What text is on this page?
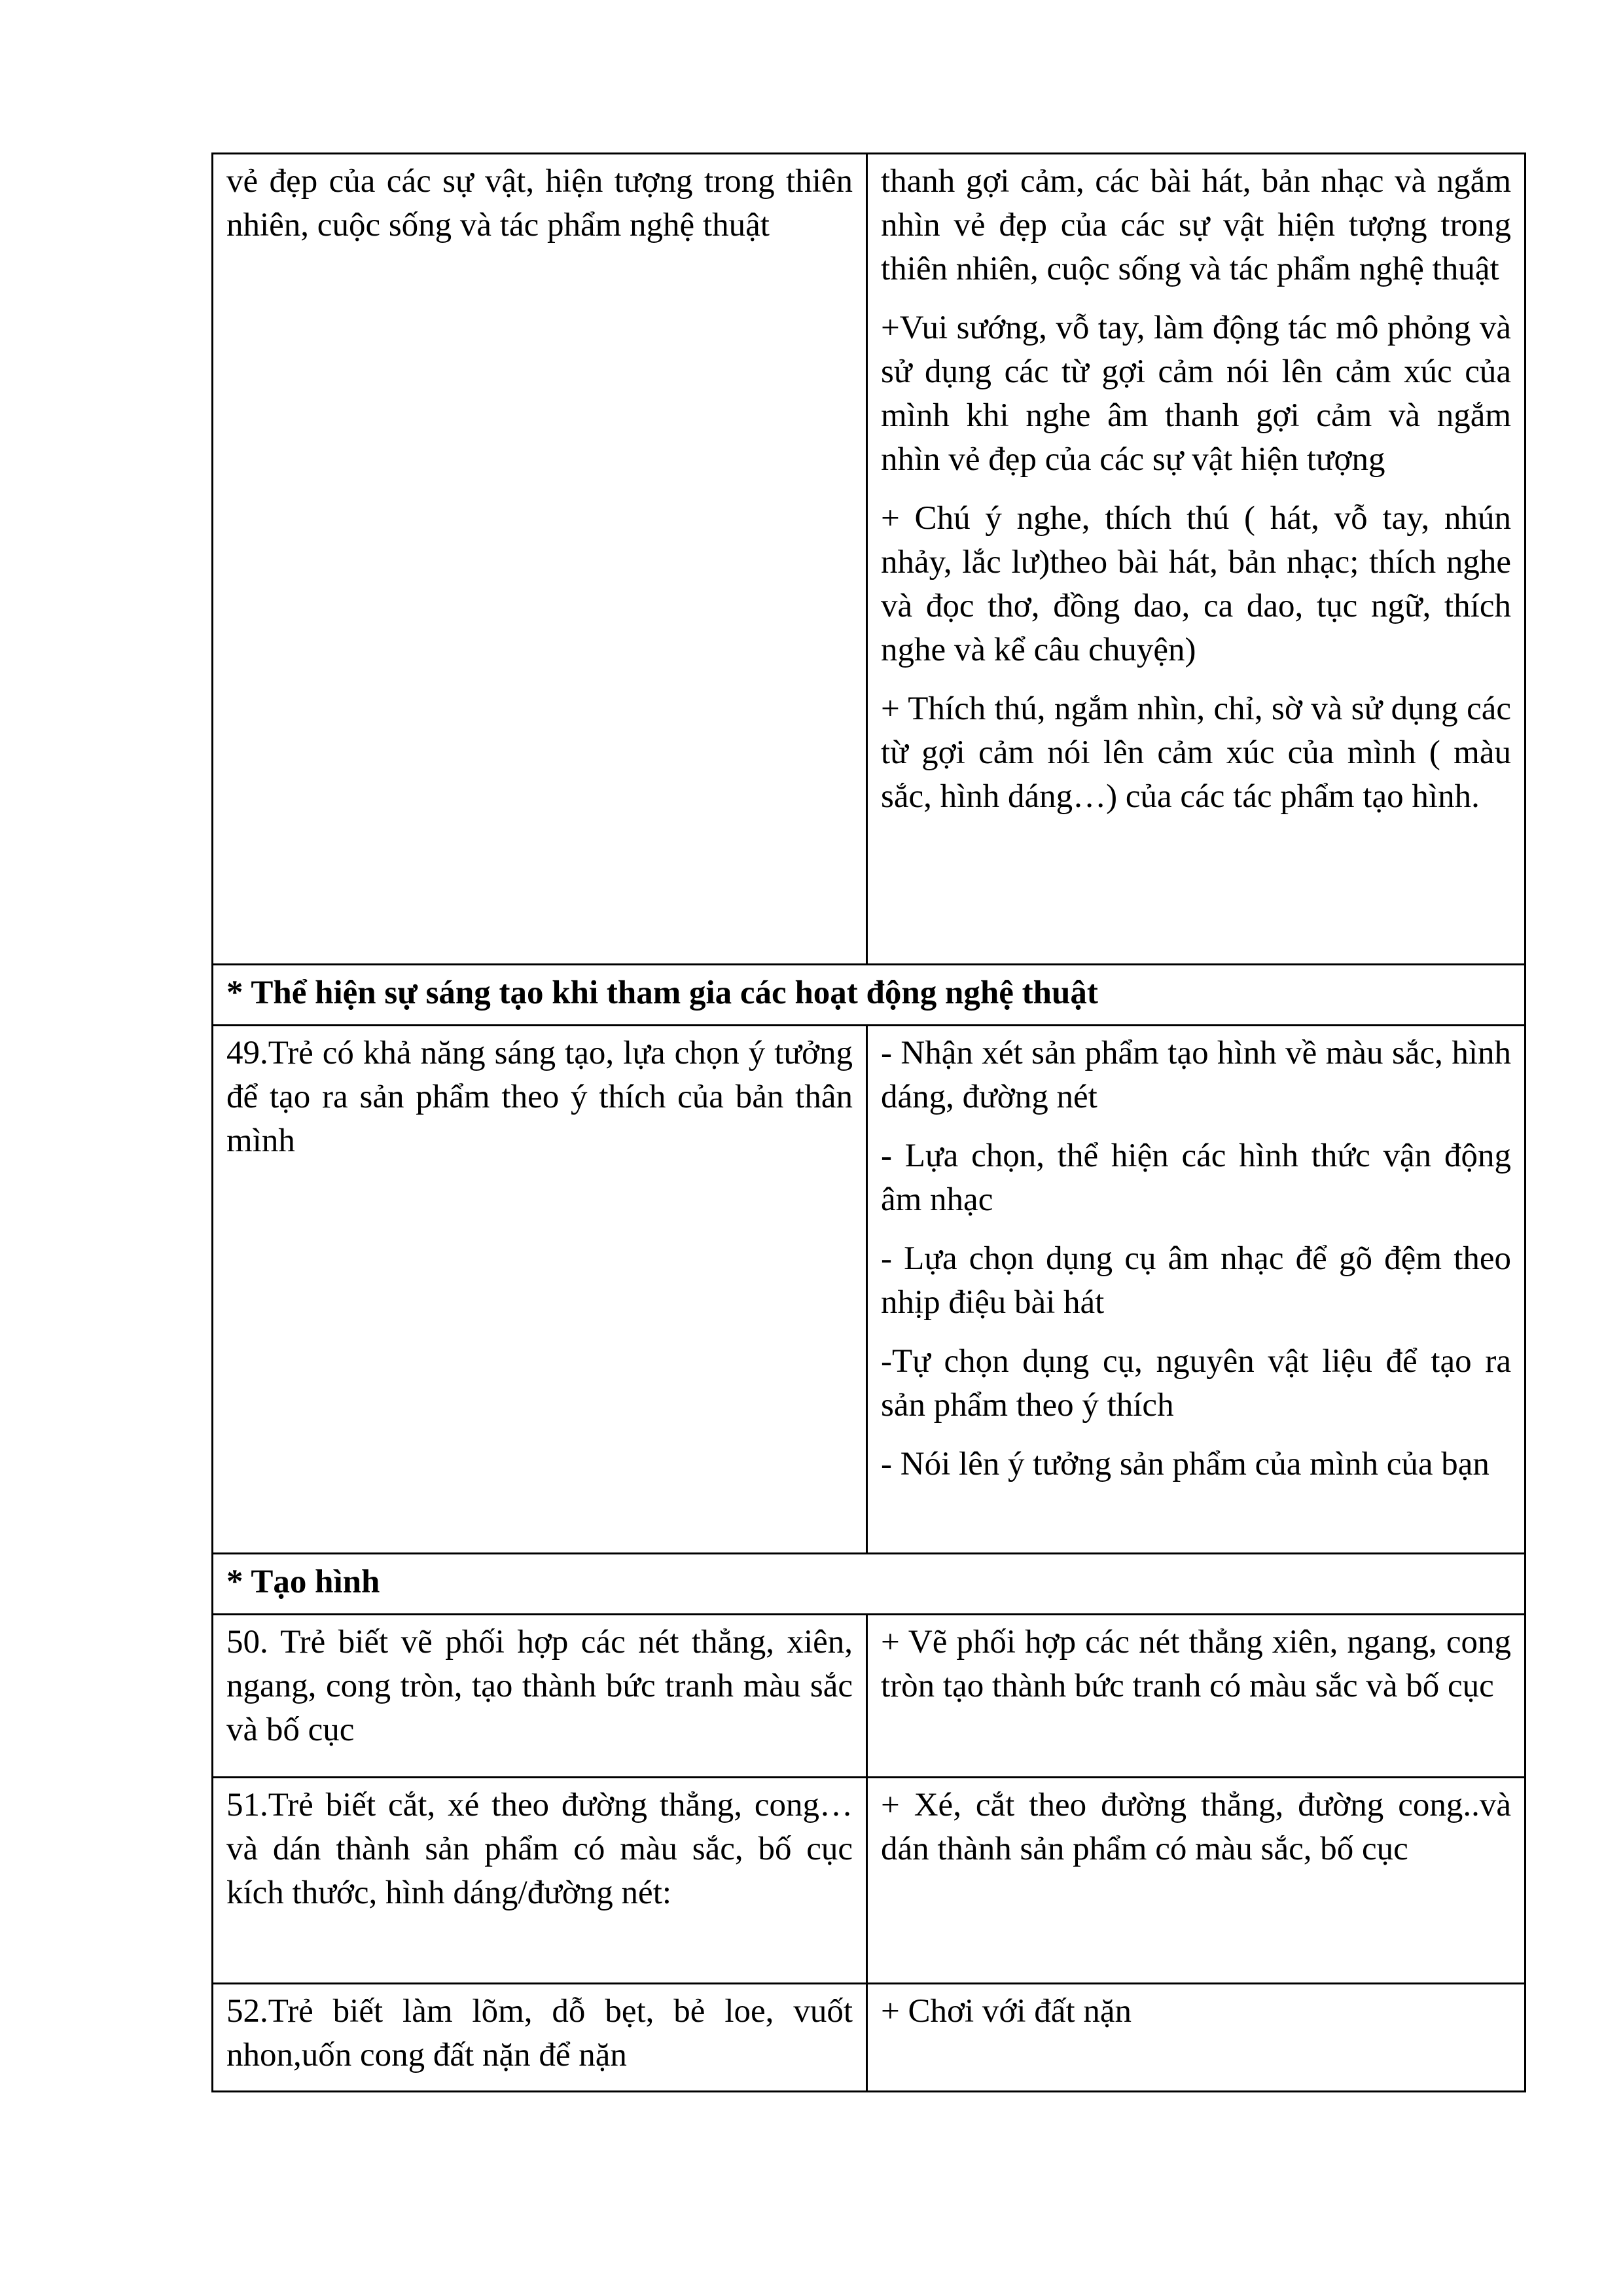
vẻ đẹp của các sự vật, hiện tượng trong thiên nhiên, cuộc sống và tác phẩm nghệ thuật	thanh gợi cảm, các bài hát, bản nhạc và ngắm nhìn vẻ đẹp của các sự vật hiện tượng trong thiên nhiên, cuộc sống và tác phẩm nghệ thuật

+Vui sướng, vỗ tay, làm động tác mô phỏng và sử dụng các từ gợi cảm nói lên cảm xúc của mình khi nghe âm thanh gợi cảm và ngắm nhìn vẻ đẹp của các sự vật hiện tượng

+ Chú ý nghe, thích thú ( hát, vỗ tay, nhún nhảy, lắc lư)theo bài hát, bản nhạc; thích nghe và đọc thơ, đồng dao, ca dao, tục ngữ, thích nghe và kể câu chuyện)

+ Thích thú, ngắm nhìn, chỉ, sờ và sử dụng các từ gợi cảm nói lên cảm xúc của mình ( màu sắc, hình dáng…) của các tác phẩm tạo hình.

* Thể hiện sự sáng tạo khi tham gia các hoạt động nghệ thuật	

49.Trẻ có khả năng sáng tạo, lựa chọn ý tưởng để tạo ra sản phẩm theo ý thích của bản thân mình	- Nhận xét sản phẩm tạo hình về màu sắc, hình dáng, đường nét

- Lựa chọn, thể hiện các hình thức vận động âm nhạc

- Lựa chọn dụng cụ âm nhạc để gõ đệm theo nhịp điệu bài hát

-Tự chọn dụng cụ, nguyên vật liệu để tạo ra sản phẩm theo ý thích

- Nói lên ý tưởng sản phẩm của mình của bạn

* Tạo hình	

50. Trẻ biết vẽ phối hợp các nét thẳng, xiên, ngang, cong tròn, tạo thành bức tranh màu sắc và bố cục	+ Vẽ phối hợp các nét thẳng xiên, ngang, cong tròn tạo thành bức tranh có màu sắc và bố cục

51.Trẻ biết cắt, xé theo đường thẳng, cong…và dán thành sản phẩm có màu sắc, bố cục kích thước, hình dáng/đường nét:	+ Xé, cắt theo đường thẳng, đường cong..và dán thành sản phẩm có màu sắc, bố cục

52.Trẻ biết làm lõm, dỗ bẹt, bẻ loe, vuốt nhon,uốn cong đất nặn để nặn	+ Chơi với đất nặn
